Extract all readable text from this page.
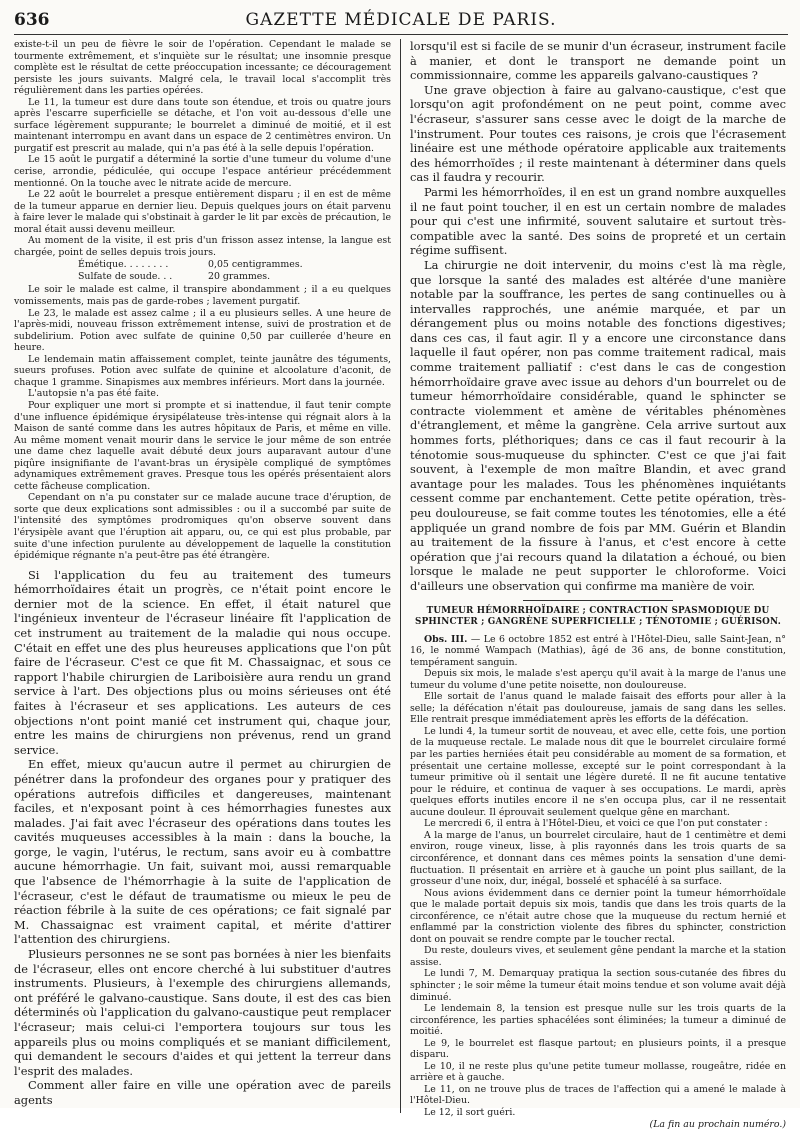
636	GAZETTE MÉDICALE DE PARIS.

existe-t-il un peu de fièvre le soir de l'opération. Cependant le malade se tourmente extrêmement, et s'inquiète sur le résultat; une insomnie presque complète est le résultat de cette préoccupation incessante; ce découragement persiste les jours suivants. Malgré cela, le travail local s'accomplit très régulièrement dans les parties opérées.

Le 11, la tumeur est dure dans toute son étendue, et trois ou quatre jours après l'escarre superficielle se détache, et l'on voit au-dessous d'elle une surface légèrement suppurante; le bourrelet a diminué de moitié, et il est maintenant interrompu en avant dans un espace de 2 centimètres environ. Un purgatif est prescrit au malade, qui n'a pas été à la selle depuis l'opération.

Le 15 août le purgatif a déterminé la sortie d'une tumeur du volume d'une cerise, arrondie, pédiculée, qui occupe l'espace antérieur précédemment mentionné. On la touche avec le nitrate acide de mercure.

Le 22 août le bourrelet a presque entièrement disparu ; il en est de même de la tumeur apparue en dernier lieu. Depuis quelques jours on était parvenu à faire lever le malade qui s'obstinait à garder le lit par excès de précaution, le moral était aussi devenu meilleur.

Au moment de la visite, il est pris d'un frisson assez intense, la langue est chargée, point de selles depuis trois jours.

Émétique. . . . . . . .	0,05 centigrammes.
Sulfate de soude. . .	20 grammes.

Le soir le malade est calme, il transpire abondamment ; il a eu quelques vomissements, mais pas de garde-robes ; lavement purgatif.

Le 23, le malade est assez calme ; il a eu plusieurs selles. A une heure de l'après-midi, nouveau frisson extrêmement intense, suivi de prostration et de subdelirium. Potion avec sulfate de quinine 0,50 par cuillerée d'heure en heure.

Le lendemain matin affaissement complet, teinte jaunâtre des téguments, sueurs profuses. Potion avec sulfate de quinine et alcoolature d'aconit, de chaque 1 gramme. Sinapismes aux membres inférieurs. Mort dans la journée.

L'autopsie n'a pas été faite.

Pour expliquer une mort si prompte et si inattendue, il faut tenir compte d'une influence épidémique érysipélateuse très-intense qui régnait alors à la Maison de santé comme dans les autres hôpitaux de Paris, et même en ville. Au même moment venait mourir dans le service le jour même de son entrée une dame chez laquelle avait débuté deux jours auparavant autour d'une piqûre insignifiante de l'avant-bras un érysipèle compliqué de symptômes adynamiques extrêmement graves. Presque tous les opérés présentaient alors cette fâcheuse complication.

Cependant on n'a pu constater sur ce malade aucune trace d'éruption, de sorte que deux explications sont admissibles : ou il a succombé par suite de l'intensité des symptômes prodromiques qu'on observe souvent dans l'érysipèle avant que l'éruption ait apparu, ou, ce qui est plus probable, par suite d'une infection purulente au développement de laquelle la constitution épidémique régnante n'a peut-être pas été étrangère.

Si l'application du feu au traitement des tumeurs hémorrhoïdaires était un progrès, ce n'était point encore le dernier mot de la science. En effet, il était naturel que l'ingénieux inventeur de l'écraseur linéaire fît l'application de cet instrument au traitement de la maladie qui nous occupe. C'était en effet une des plus heureuses applications que l'on pût faire de l'écraseur. C'est ce que fit M. Chassaignac, et sous ce rapport l'habile chirurgien de Lariboisière aura rendu un grand service à l'art. Des objections plus ou moins sérieuses ont été faites à l'écraseur et ses applications. Les auteurs de ces objections n'ont point manié cet instrument qui, chaque jour, entre les mains de chirurgiens non prévenus, rend un grand service.

En effet, mieux qu'aucun autre il permet au chirurgien de pénétrer dans la profondeur des organes pour y pratiquer des opérations autrefois difficiles et dangereuses, maintenant faciles, et n'exposant point à ces hémorrhagies funestes aux malades. J'ai fait avec l'écraseur des opérations dans toutes les cavités muqueuses accessibles à la main : dans la bouche, la gorge, le vagin, l'utérus, le rectum, sans avoir eu à combattre aucune hémorrhagie. Un fait, suivant moi, aussi remarquable que l'absence de l'hémorrhagie à la suite de l'application de l'écraseur, c'est le défaut de traumatisme ou mieux le peu de réaction fébrile à la suite de ces opérations; ce fait signalé par M. Chassaignac est vraiment capital, et mérite d'attirer l'attention des chirurgiens.

Plusieurs personnes ne se sont pas bornées à nier les bienfaits de l'écraseur, elles ont encore cherché à lui substituer d'autres instruments. Plusieurs, à l'exemple des chirurgiens allemands, ont préféré le galvano-caustique. Sans doute, il est des cas bien déterminés où l'application du galvano-caustique peut remplacer l'écraseur; mais celui-ci l'emportera toujours sur tous les appareils plus ou moins compliqués et se maniant difficilement, qui demandent le secours d'aides et qui jettent la terreur dans l'esprit des malades.

Comment aller faire en ville une opération avec de pareils agents

lorsqu'il est si facile de se munir d'un écraseur, instrument facile à manier, et dont le transport ne demande point un commissionnaire, comme les appareils galvano-caustiques ?

Une grave objection à faire au galvano-caustique, c'est que lorsqu'on agit profondément on ne peut point, comme avec l'écraseur, s'assurer sans cesse avec le doigt de la marche de l'instrument. Pour toutes ces raisons, je crois que l'écrasement linéaire est une méthode opératoire applicable aux traitements des hémorrhoïdes ; il reste maintenant à déterminer dans quels cas il faudra y recourir.

Parmi les hémorrhoïdes, il en est un grand nombre auxquelles il ne faut point toucher, il en est un certain nombre de malades pour qui c'est une infirmité, souvent salutaire et surtout très-compatible avec la santé. Des soins de propreté et un certain régime suffisent.

La chirurgie ne doit intervenir, du moins c'est là ma règle, que lorsque la santé des malades est altérée d'une manière notable par la souffrance, les pertes de sang continuelles ou à intervalles rapprochés, une anémie marquée, et par un dérangement plus ou moins notable des fonctions digestives; dans ces cas, il faut agir. Il y a encore une circonstance dans laquelle il faut opérer, non pas comme traitement radical, mais comme traitement palliatif : c'est dans le cas de congestion hémorrhoïdaire grave avec issue au dehors d'un bourrelet ou de tumeur hémorrhoïdaire considérable, quand le sphincter se contracte violemment et amène de véritables phénomènes d'étranglement, et même la gangrène. Cela arrive surtout aux hommes forts, pléthoriques; dans ce cas il faut recourir à la ténotomie sous-muqueuse du sphincter. C'est ce que j'ai fait souvent, à l'exemple de mon maître Blandin, et avec grand avantage pour les malades. Tous les phénomènes inquiétants cessent comme par enchantement. Cette petite opération, très-peu douloureuse, se fait comme toutes les ténotomies, elle a été appliquée un grand nombre de fois par MM. Guérin et Blandin au traitement de la fissure à l'anus, et c'est encore à cette opération que j'ai recours quand la dilatation a échoué, ou bien lorsque le malade ne peut supporter le chloroforme. Voici d'ailleurs une observation qui confirme ma manière de voir.

TUMEUR HÉMORRHOÏDAIRE ; CONTRACTION SPASMODIQUE DU SPHINCTER ; GANGRÈNE SUPERFICIELLE ; TÉNOTOMIE ; GUÉRISON.

Obs. III. — Le 6 octobre 1852 est entré à l'Hôtel-Dieu, salle Saint-Jean, n° 16, le nommé Wampach (Mathias), âgé de 36 ans, de bonne constitution, tempérament sanguin.

Depuis six mois, le malade s'est aperçu qu'il avait à la marge de l'anus une tumeur du volume d'une petite noisette, non douloureuse.

Elle sortait de l'anus quand le malade faisait des efforts pour aller à la selle; la défécation n'était pas douloureuse, jamais de sang dans les selles. Elle rentrait presque immédiatement après les efforts de la défécation.

Le lundi 4, la tumeur sortit de nouveau, et avec elle, cette fois, une portion de la muqueuse rectale. Le malade nous dit que le bourrelet circulaire formé par les parties herniées était peu considérable au moment de sa formation, et présentait une certaine mollesse, excepté sur le point correspondant à la tumeur primitive où il sentait une légère dureté. Il ne fit aucune tentative pour le réduire, et continua de vaquer à ses occupations. Le mardi, après quelques efforts inutiles encore il ne s'en occupa plus, car il ne ressentait aucune douleur. Il éprouvait seulement quelque gêne en marchant.

Le mercredi 6, il entra à l'Hôtel-Dieu, et voici ce que l'on put constater :

A la marge de l'anus, un bourrelet circulaire, haut de 1 centimètre et demi environ, rouge vineux, lisse, à plis rayonnés dans les trois quarts de sa circonférence, et donnant dans ces mêmes points la sensation d'une demi-fluctuation. Il présentait en arrière et à gauche un point plus saillant, de la grosseur d'une noix, dur, inégal, bosselé et sphacélé à sa surface.

Nous avions évidemment dans ce dernier point la tumeur hémorrhoïdale que le malade portait depuis six mois, tandis que dans les trois quarts de la circonférence, ce n'était autre chose que la muqueuse du rectum hernié et enflammé par la constriction violente des fibres du sphincter, constriction dont on pouvait se rendre compte par le toucher rectal.

Du reste, douleurs vives, et seulement gêne pendant la marche et la station assise.

Le lundi 7, M. Demarquay pratiqua la section sous-cutanée des fibres du sphincter ; le soir même la tumeur était moins tendue et son volume avait déjà diminué.

Le lendemain 8, la tension est presque nulle sur les trois quarts de la circonférence, les parties sphacélées sont éliminées; la tumeur a diminué de moitié.

Le 9, le bourrelet est flasque partout; en plusieurs points, il a presque disparu.

Le 10, il ne reste plus qu'une petite tumeur mollasse, rougeâtre, ridée en arrière et à gauche.

Le 11, on ne trouve plus de traces de l'affection qui a amené le malade à l'Hôtel-Dieu.

Le 12, il sort guéri.

(La fin au prochain numéro.)
